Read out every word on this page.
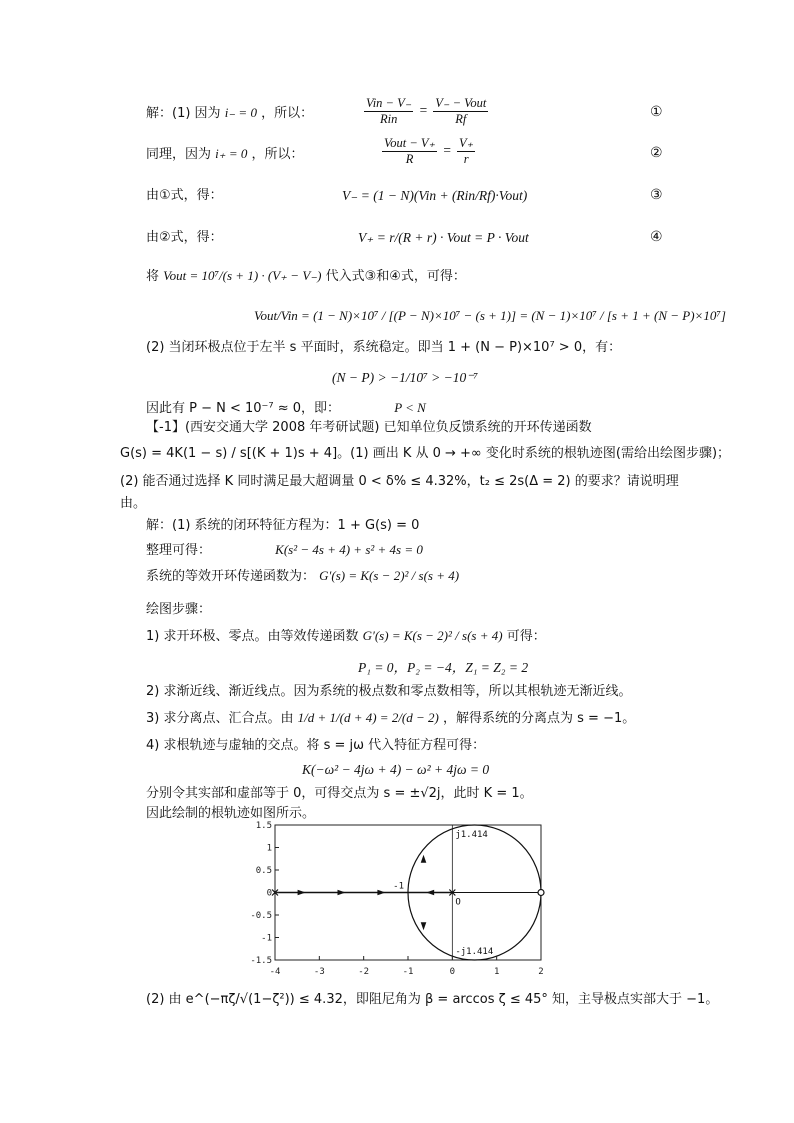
解：(1) 因为 i₋ = 0 ，所以：
Vin − V₋
Rin
= V₋ − Vout
Rf	①
同理，因为 i₊ = 0 ，所以：
Vout − V₊
R
= $\frac{V_+}{r}$	②
由①式，得：	V₋ = (1 − N)(Vin + (Rin/Rf)·Vout)	③
由②式，得：	V₊ = r/(R + r) · Vout = P · Vout	④
将 Vout = 10⁷/(s + 1) · (V₊ − V₋) 代入式③和④式，可得：
Vout/Vin = (1 − N)×10⁷ / [(P − N)×10⁷ − (s + 1)] = (N − 1)×10⁷ / [s + 1 + (N − P)×10⁷]
(2) 当闭环极点位于左半 s 平面时，系统稳定。即当 1 + (N − P)×10⁷ > 0，有：
(N − P) > −1/10⁷ > −10⁻⁷
因此有 P − N < 10⁻⁷ ≈ 0，即：	P < N
【-1】(西安交通大学 2008 年考研试题) 已知单位负反馈系统的开环传递函数
G(s) = 4K(1 − s) / s[(K + 1)s + 4]。(1) 画出 K 从 0 → +∞ 变化时系统的根轨迹图(需给出绘图步骤)；
(2) 能否通过选择 K 同时满足最大超调量 0 < δ% ≤ 4.32%，t₂ ≤ 2s(Δ = 2) 的要求？请说明理
由。
解：(1) 系统的闭环特征方程为：1 + G(s) = 0
整理可得：	K(s² − 4s + 4) + s² + 4s = 0
系统的等效开环传递函数为： G′(s) = K(s − 2)² / s(s + 4)
绘图步骤：
1) 求开环极、零点。由等效传递函数 G′(s) = K(s − 2)² / s(s + 4) 可得：
P₁ = 0，P₂ = −4，Z₁ = Z₂ = 2
2) 求渐近线、渐近线点。因为系统的极点数和零点数相等，所以其根轨迹无渐近线。
3) 求分离点、汇合点。由 1/d + 1/(d + 4) = 2/(d − 2) ，解得系统的分离点为 s = −1。
4) 求根轨迹与虚轴的交点。将 s = jω 代入特征方程可得：
K(−ω² − 4jω + 4) − ω² + 4jω = 0
分别令其实部和虚部等于 0，可得交点为 s = ±√2j，此时 K = 1。
因此绘制的根轨迹如图所示。
-4	-3	-2	-1	0	1	2
1.5
1
0.5
0
-0.5
-1
-1.5
j1.414
-j1.414
-1
O
(2) 由 e^(−πζ/√(1−ζ²)) ≤ 4.32，即阻尼角为 β = arccos ζ ≤ 45° 知，主导极点实部大于 −1。
